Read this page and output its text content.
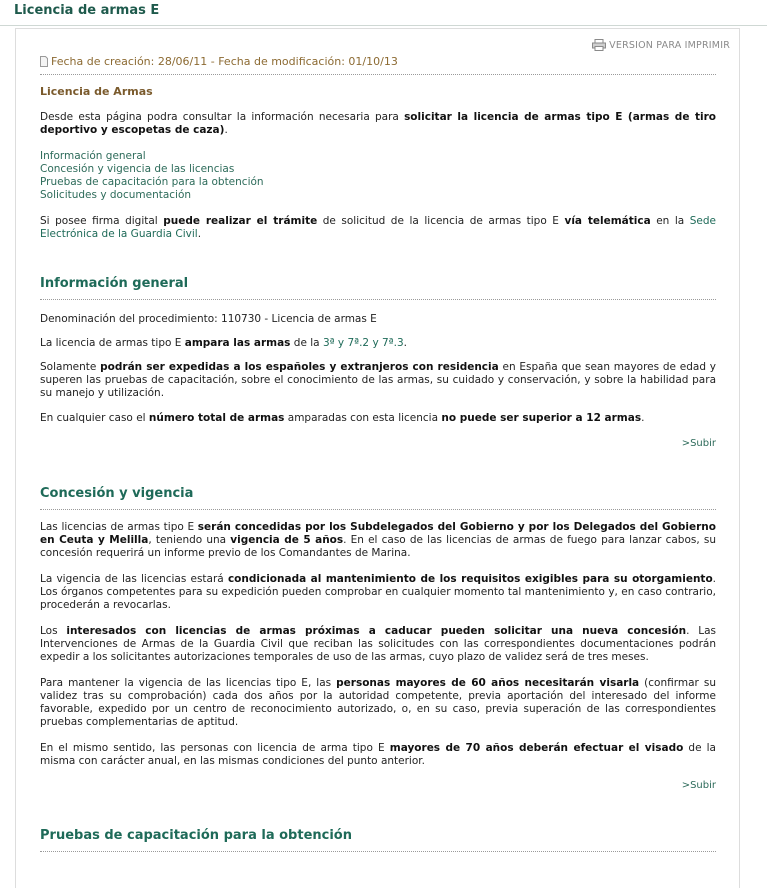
Licencia de armas E
VERSION PARA IMPRIMIR
Fecha de creación: 28/06/11 - Fecha de modificación: 01/10/13
Licencia de Armas

Desde esta página podra consultar la información necesaria para solicitar la licencia de armas tipo E (armas de tiro deportivo y escopetas de caza).

Información general
Concesión y vigencia de las licencias
Pruebas de capacitación para la obtención
Solicitudes y documentación

Si posee firma digital puede realizar el trámite de solicitud de la licencia de armas tipo E vía telemática en la Sede Electrónica de la Guardia Civil.

Información general

Denominación del procedimiento: 110730 - Licencia de armas E

La licencia de armas tipo E ampara las armas de la 3ª y 7ª.2 y 7ª.3.

Solamente podrán ser expedidas a los españoles y extranjeros con residencia en España que sean mayores de edad y superen las pruebas de capacitación, sobre el conocimiento de las armas, su cuidado y conservación, y sobre la habilidad para su manejo y utilización.

En cualquier caso el número total de armas amparadas con esta licencia no puede ser superior a 12 armas.

>Subir
Concesión y vigencia

Las licencias de armas tipo E serán concedidas por los Subdelegados del Gobierno y por los Delegados del Gobierno en Ceuta y Melilla, teniendo una vigencia de 5 años. En el caso de las licencias de armas de fuego para lanzar cabos, su concesión requerirá un informe previo de los Comandantes de Marina.

La vigencia de las licencias estará condicionada al mantenimiento de los requisitos exigibles para su otorgamiento. Los órganos competentes para su expedición pueden comprobar en cualquier momento tal mantenimiento y, en caso contrario, procederán a revocarlas.

Los interesados con licencias de armas próximas a caducar pueden solicitar una nueva concesión. Las Intervenciones de Armas de la Guardia Civil que reciban las solicitudes con las correspondientes documentaciones podrán expedir a los solicitantes autorizaciones temporales de uso de las armas, cuyo plazo de validez será de tres meses.

Para mantener la vigencia de las licencias tipo E, las personas mayores de 60 años necesitarán visarla (confirmar su validez tras su comprobación) cada dos años por la autoridad competente, previa aportación del interesado del informe favorable, expedido por un centro de reconocimiento autorizado, o, en su caso, previa superación de las correspondientes pruebas complementarias de aptitud.

En el mismo sentido, las personas con licencia de arma tipo E mayores de 70 años deberán efectuar el visado de la misma con carácter anual, en las mismas condiciones del punto anterior.

>Subir
Pruebas de capacitación para la obtención
